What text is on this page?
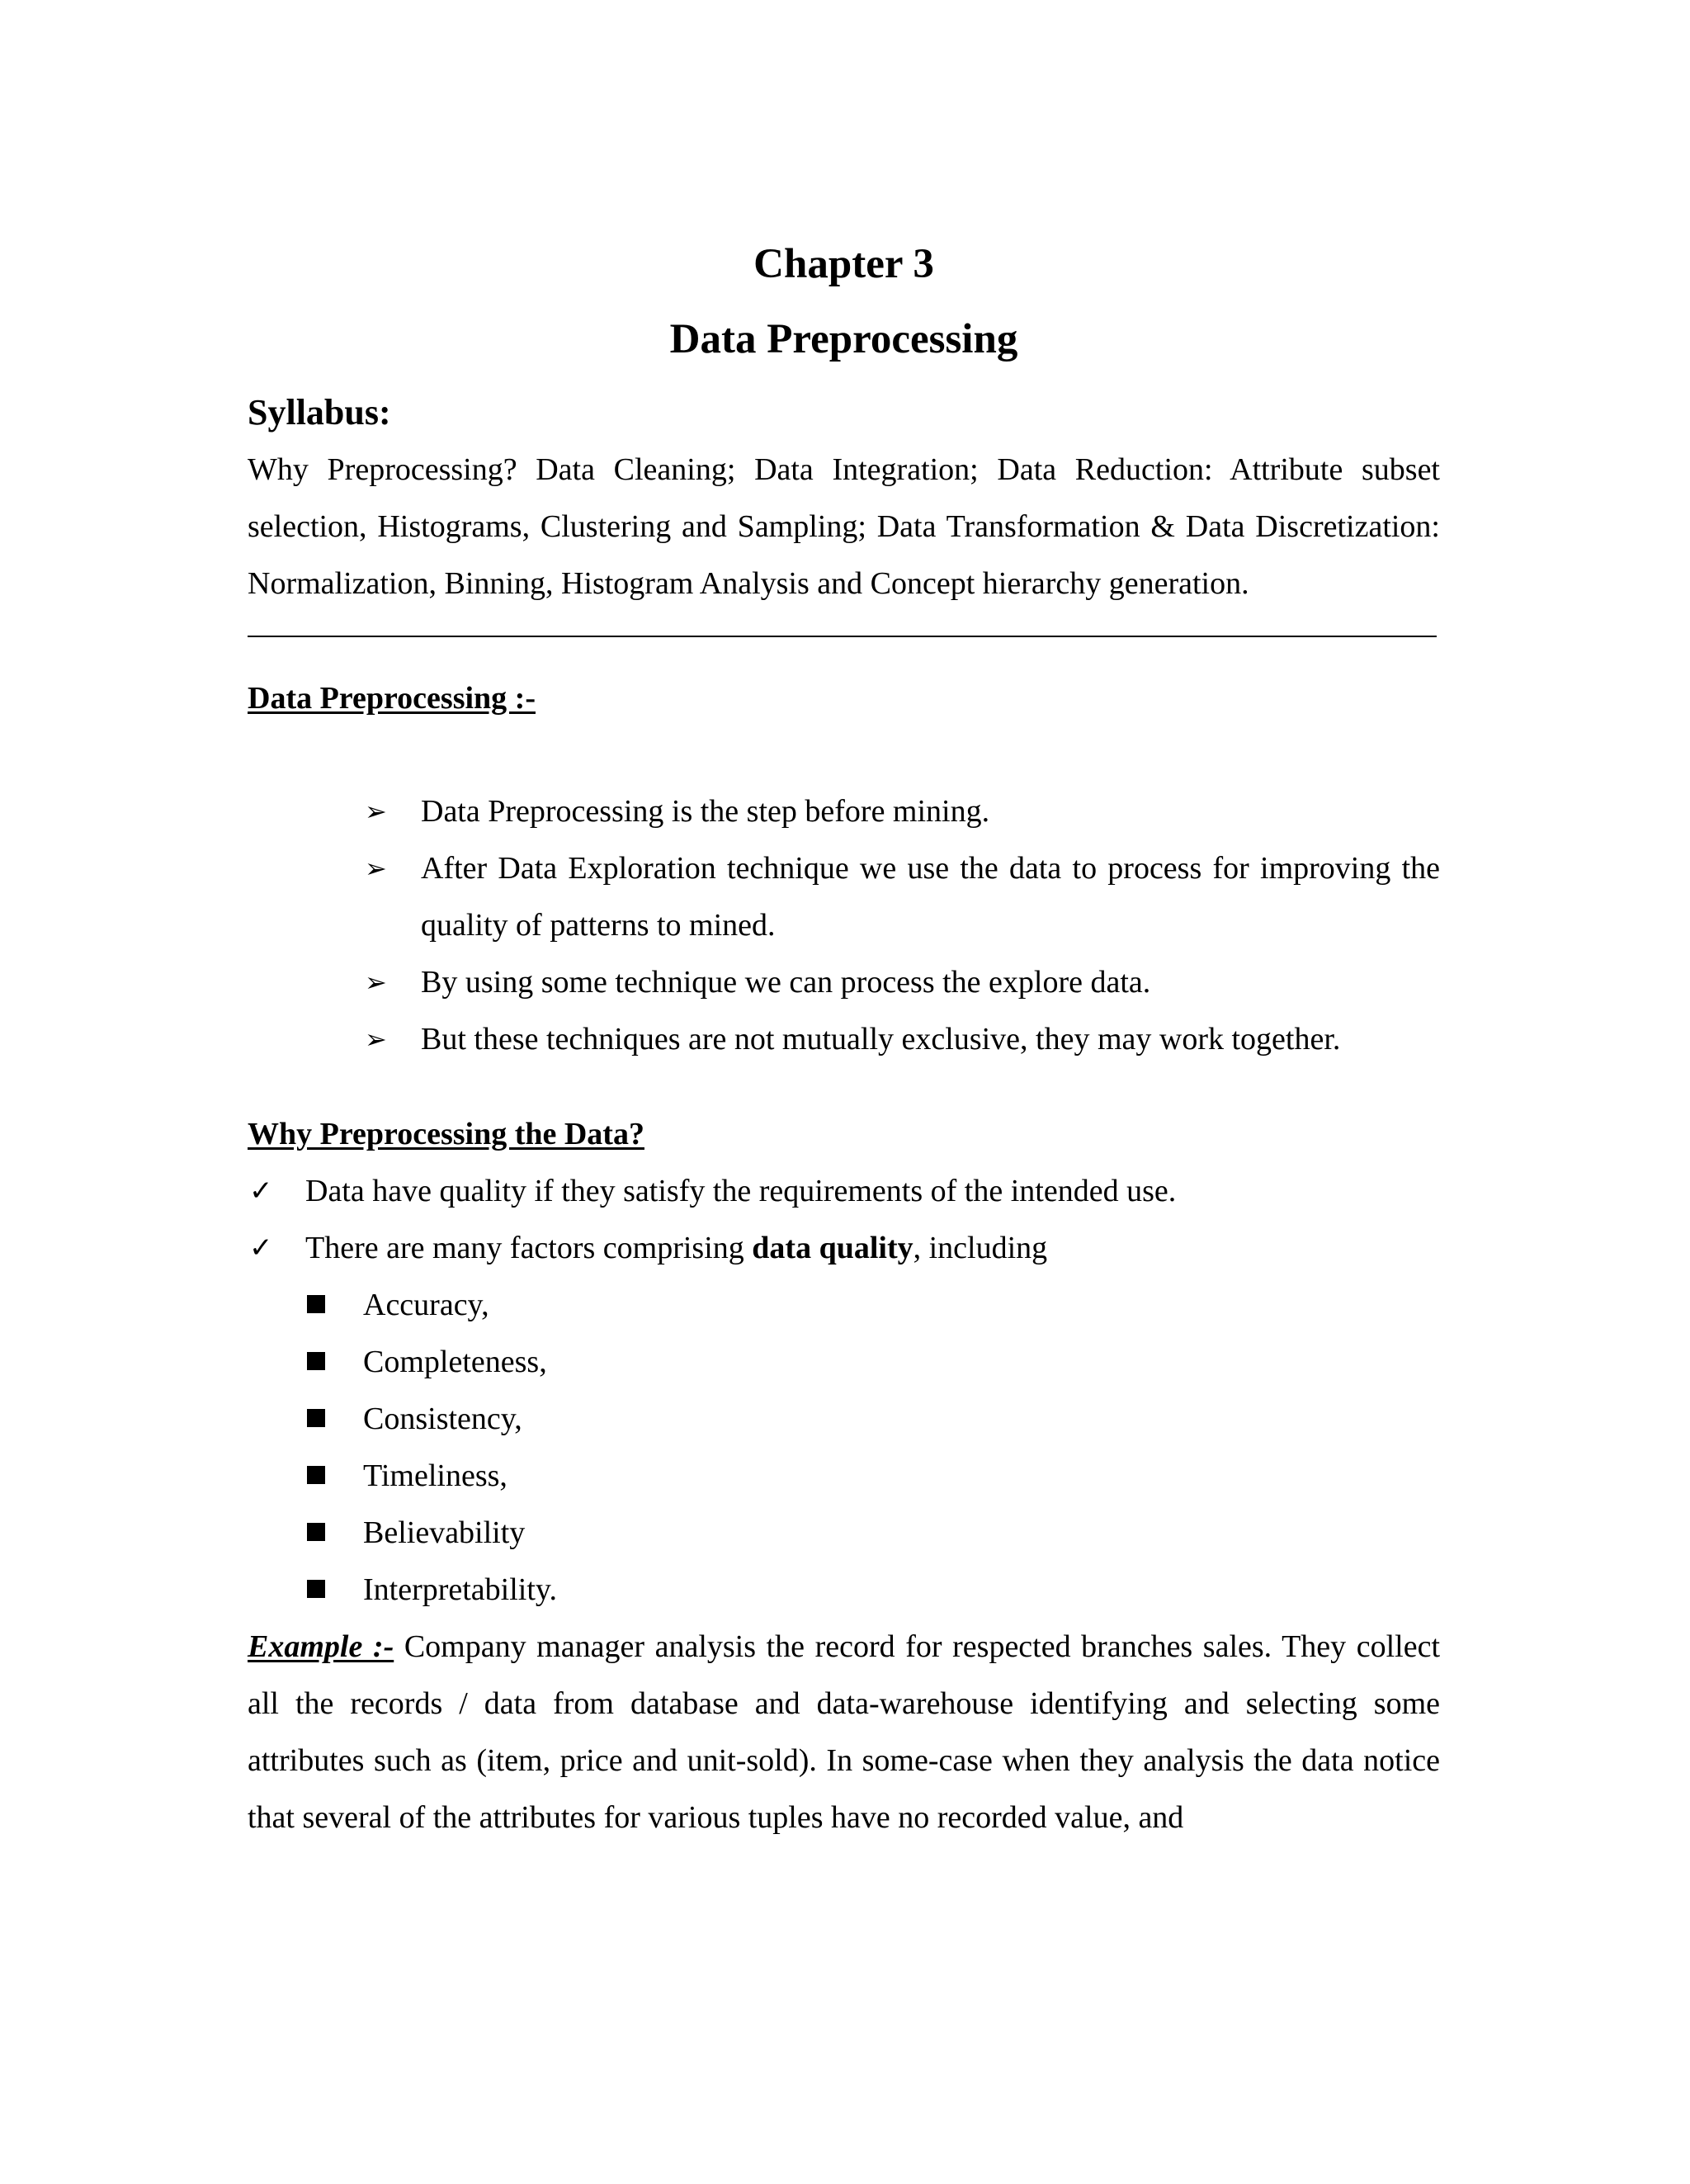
Chapter 3
Data Preprocessing
Syllabus:

Why Preprocessing? Data Cleaning; Data Integration; Data Reduction: Attribute subset selection, Histograms, Clustering and Sampling; Data Transformation & Data Discretization: Normalization, Binning, Histogram Analysis and Concept hierarchy generation.

Data Preprocessing :-
➢ Data Preprocessing is the step before mining.
➢ After Data Exploration technique we use the data to process for improving the quality of patterns to mined.
➢ By using some technique we can process the explore data.
➢ But these techniques are not mutually exclusive, they may work together.
Why Preprocessing the Data?
✓ Data have quality if they satisfy the requirements of the intended use.
✓ There are many factors comprising data quality, including
Accuracy,
Completeness,
Consistency,
Timeliness,
Believability
Interpretability.

Example :- Company manager analysis the record for respected branches sales. They collect all the records / data from database and data-warehouse identifying and selecting some attributes such as (item, price and unit-sold). In some-case when they analysis the data notice that several of the attributes for various tuples have no recorded value, and
